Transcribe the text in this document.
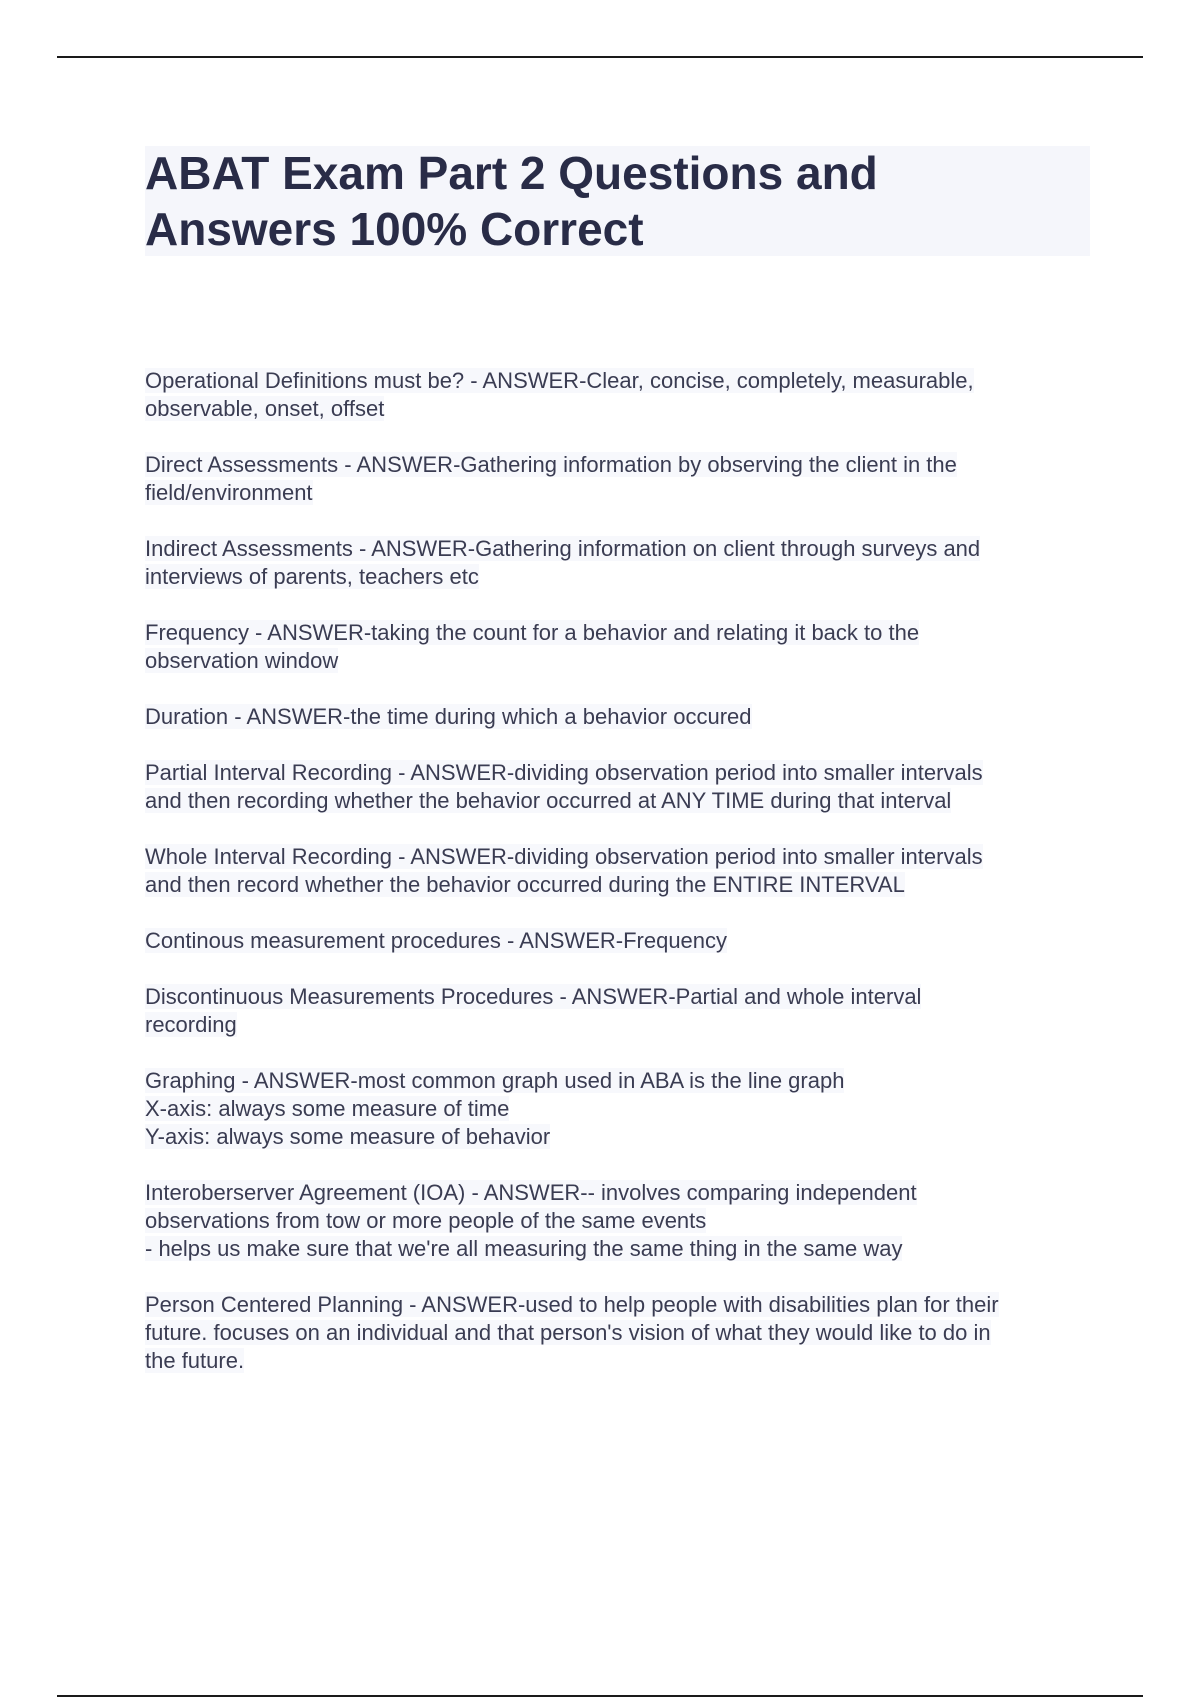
ABAT Exam Part 2 Questions and
Answers 100% Correct

Operational Definitions must be? - ANSWER-Clear, concise, completely, measurable,
observable, onset, offset

Direct Assessments - ANSWER-Gathering information by observing the client in the
field/environment

Indirect Assessments - ANSWER-Gathering information on client through surveys and
interviews of parents, teachers etc

Frequency - ANSWER-taking the count for a behavior and relating it back to the
observation window

Duration - ANSWER-the time during which a behavior occured

Partial Interval Recording - ANSWER-dividing observation period into smaller intervals
and then recording whether the behavior occurred at ANY TIME during that interval

Whole Interval Recording - ANSWER-dividing observation period into smaller intervals
and then record whether the behavior occurred during the ENTIRE INTERVAL

Continous measurement procedures - ANSWER-Frequency

Discontinuous Measurements Procedures - ANSWER-Partial and whole interval
recording

Graphing - ANSWER-most common graph used in ABA is the line graph
X-axis: always some measure of time
Y-axis: always some measure of behavior

Interoberserver Agreement (IOA) - ANSWER-- involves comparing independent
observations from tow or more people of the same events
- helps us make sure that we're all measuring the same thing in the same way

Person Centered Planning - ANSWER-used to help people with disabilities plan for their
future. focuses on an individual and that person's vision of what they would like to do in
the future.
